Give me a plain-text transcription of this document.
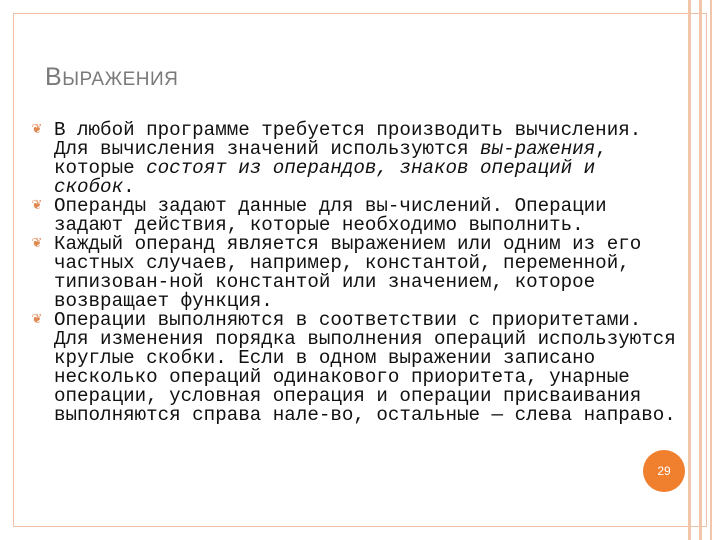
ВЫРАЖЕНИЯ
❦ В любой программе требуется производить вычисления. Для вычисления значений используются вы-ражения, которые состоят из операндов, знаков операций и скобок.
❦ Операнды задают данные для вы-числений. Операции задают действия, которые необходимо выполнить.
❦ Каждый операнд является выражением или одним из его частных случаев, например, константой, переменной, типизован-ной константой или значением, которое возвращает функция.
❦ Операции выполняются в соответствии с приоритетами. Для изменения порядка выполнения операций используются круглые скобки. Если в одном выражении записано несколько операций одинакового приоритета, унарные операции, условная операция и операции присваивания выполняются справа нале-во, остальные — слева направо.
29
